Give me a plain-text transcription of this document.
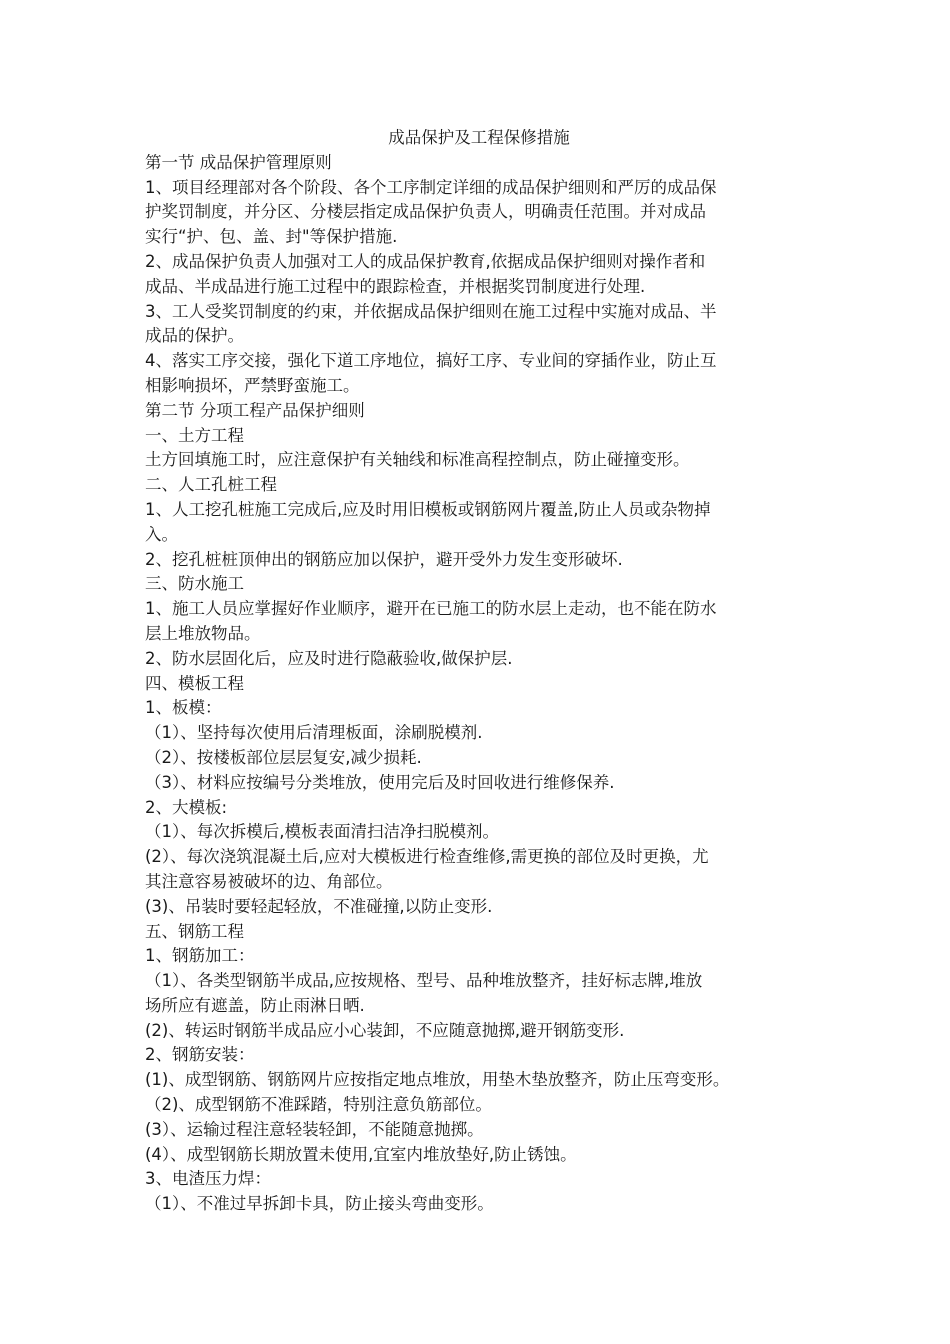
成品保护及工程保修措施

第一节 成品保护管理原则

1、项目经理部对各个阶段、各个工序制定详细的成品保护细则和严厉的成品保

护奖罚制度，并分区、分楼层指定成品保护负责人，明确责任范围。并对成品

实行“护、包、盖、封"等保护措施.

2、成品保护负责人加强对工人的成品保护教育,依据成品保护细则对操作者和

成品、半成品进行施工过程中的跟踪检查，并根据奖罚制度进行处理.

3、工人受奖罚制度的约束，并依据成品保护细则在施工过程中实施对成品、半

成品的保护。

4、落实工序交接，强化下道工序地位，搞好工序、专业间的穿插作业，防止互

相影响损坏，严禁野蛮施工。

第二节 分项工程产品保护细则

一、土方工程

土方回填施工时，应注意保护有关轴线和标准高程控制点，防止碰撞变形。

二、人工孔桩工程

1、人工挖孔桩施工完成后,应及时用旧模板或钢筋网片覆盖,防止人员或杂物掉

入。

2、挖孔桩桩顶伸出的钢筋应加以保护，避开受外力发生变形破坏.

三、防水施工

1、施工人员应掌握好作业顺序，避开在已施工的防水层上走动，也不能在防水

层上堆放物品。

2、防水层固化后，应及时进行隐蔽验收,做保护层.

四、模板工程

1、板模：

（1）、坚持每次使用后清理板面，涂刷脱模剂.

（2）、按楼板部位层层复安,减少损耗.

（3）、材料应按编号分类堆放，使用完后及时回收进行维修保养.

2、大模板:

（1）、每次拆模后,模板表面清扫洁净扫脱模剂。

(2）、每次浇筑混凝土后,应对大模板进行检查维修,需更换的部位及时更换，尤

其注意容易被破坏的边、角部位。

(3)、吊装时要轻起轻放，不准碰撞,以防止变形.

五、钢筋工程

1、钢筋加工：

（1）、各类型钢筋半成品,应按规格、型号、品种堆放整齐，挂好标志牌,堆放

场所应有遮盖，防止雨淋日晒.

(2)、转运时钢筋半成品应小心装卸，不应随意抛掷,避开钢筋变形.

2、钢筋安装：

(1)、成型钢筋、钢筋网片应按指定地点堆放，用垫木垫放整齐，防止压弯变形。

（2)、成型钢筋不准踩踏，特别注意负筋部位。

(3）、运输过程注意轻装轻卸，不能随意抛掷。

(4）、成型钢筋长期放置未使用,宜室内堆放垫好,防止锈蚀。

3、电渣压力焊：

（1）、不准过早拆卸卡具，防止接头弯曲变形。
